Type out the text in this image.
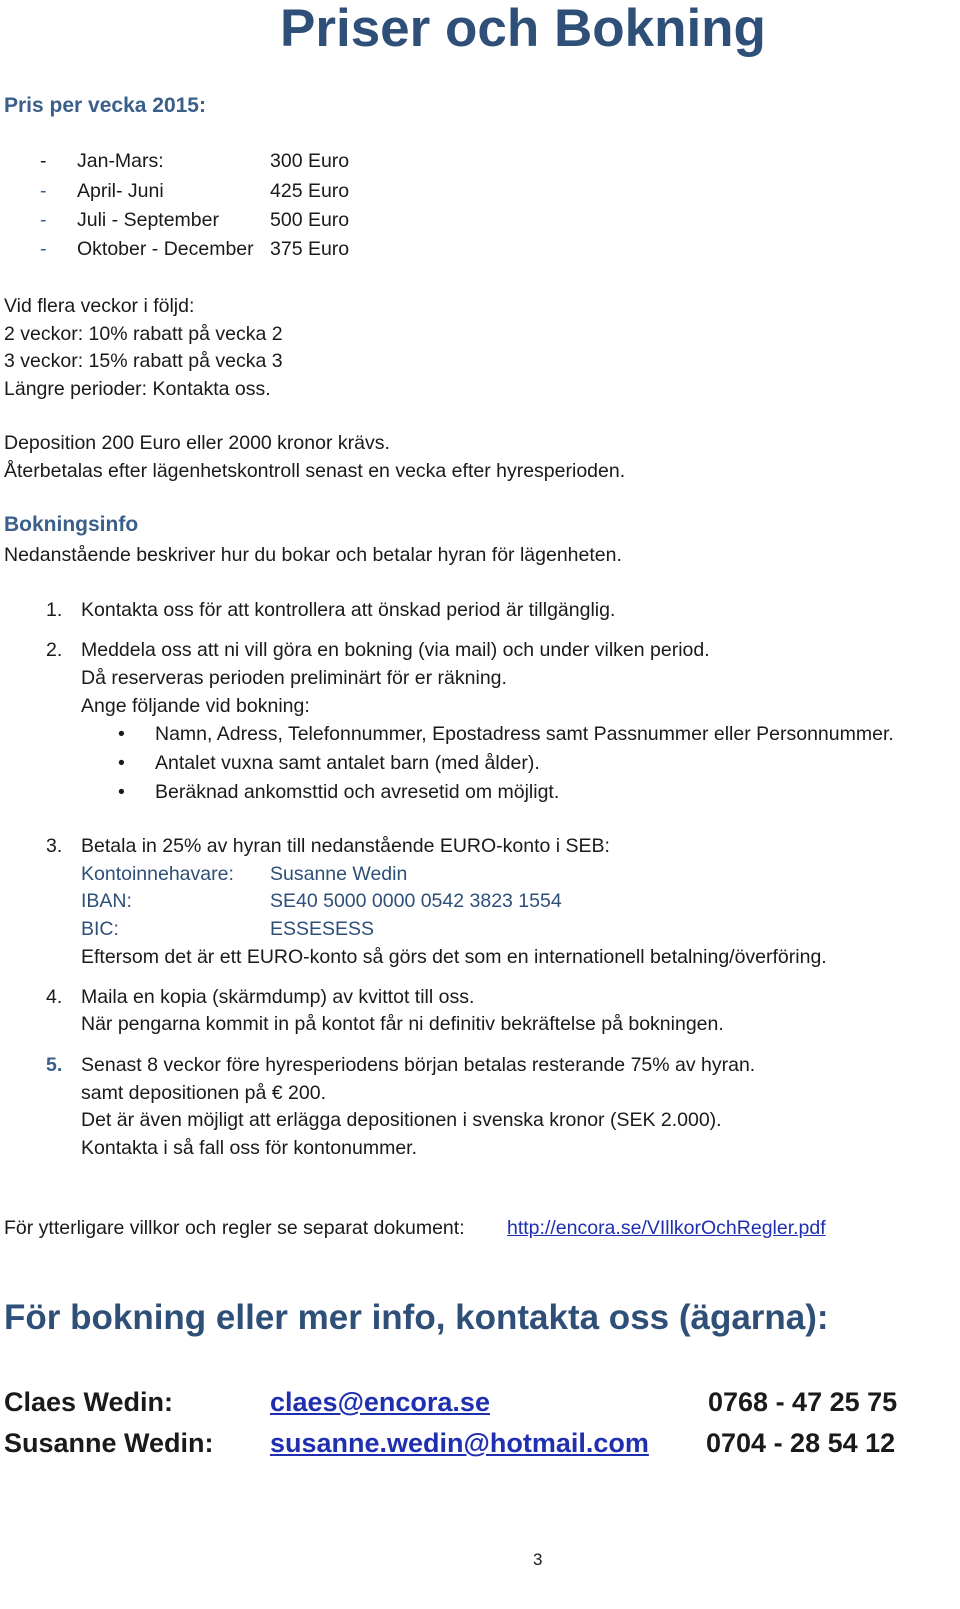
Priser och Bokning
Pris per vecka 2015:
- Jan-Mars:	300 Euro
- April- Juni	425 Euro
- Juli - September	500 Euro
- Oktober - December 375 Euro
Vid flera veckor i följd:
2 veckor: 10% rabatt på vecka 2
3 veckor: 15% rabatt på vecka 3
Längre perioder: Kontakta oss.
Deposition 200 Euro eller 2000 kronor krävs.
Återbetalas efter lägenhetskontroll senast en vecka efter hyresperioden.
Bokningsinfo
Nedanstående beskriver hur du bokar och betalar hyran för lägenheten.
1. Kontakta oss för att kontrollera att önskad period är tillgänglig.
2. Meddela oss att ni vill göra en bokning (via mail) och under vilken period.
Då reserveras perioden preliminärt för er räkning.
Ange följande vid bokning:
• Namn, Adress, Telefonnummer, Epostadress samt Passnummer eller Personnummer.
• Antalet vuxna samt antalet barn (med ålder).
• Beräknad ankomsttid och avresetid om möjligt.
3. Betala in 25% av hyran till nedanstående EURO-konto i SEB:
Kontoinnehavare: Susanne Wedin
IBAN:	SE40 5000 0000 0542 3823 1554
BIC:	ESSESESS
Eftersom det är ett EURO-konto så görs det som en internationell betalning/överföring.
4. Maila en kopia (skärmdump) av kvittot till oss.
När pengarna kommit in på kontot får ni definitiv bekräftelse på bokningen.
5. Senast 8 veckor före hyresperiodens början betalas resterande 75% av hyran.
samt depositionen på € 200.
Det är även möjligt att erlägga depositionen i svenska kronor (SEK 2.000).
Kontakta i så fall oss för kontonummer.
För ytterligare villkor och regler se separat dokument: http://encora.se/VIllkorOchRegler.pdf
För bokning eller mer info, kontakta oss (ägarna):
Claes Wedin:	claes@encora.se	0768 - 47 25 75
Susanne Wedin: susanne.wedin@hotmail.com 0704 - 28 54 12
3
